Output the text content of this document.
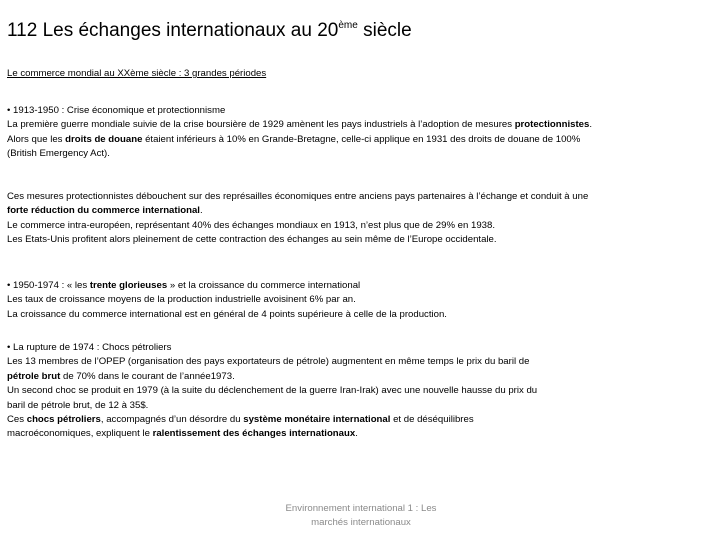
112 Les échanges internationaux au 20ème siècle
Le commerce mondial au XXème siècle : 3 grandes périodes

• 1913-1950 : Crise économique et protectionnisme

La première guerre mondiale suivie de la crise boursière de 1929 amènent les pays industriels à l’adoption de mesures protectionnistes.

Alors que les droits de douane étaient inférieurs à 10% en Grande-Bretagne, celle-ci applique en 1931 des droits de douane de 100%

(British Emergency Act).

Ces mesures protectionnistes débouchent sur des représailles économiques entre anciens pays partenaires à l’échange et conduit à une

forte réduction du commerce international.

Le commerce intra-européen, représentant 40% des échanges mondiaux en 1913, n’est plus que de 29% en 1938.

Les Etats-Unis profitent alors pleinement de cette contraction des échanges au sein même de l’Europe occidentale.

• 1950-1974 : « les trente glorieuses » et la croissance du commerce international

Les taux de croissance moyens de la production industrielle avoisinent 6% par an.

La croissance du commerce international est en général de 4 points supérieure à celle de la production.

• La rupture de 1974 : Chocs pétroliers

Les 13 membres de l’OPEP (organisation des pays exportateurs de pétrole) augmentent en même temps le prix du baril de

pétrole brut de 70% dans le courant de l’année1973.

Un second choc se produit en 1979 (à la suite du déclenchement de la guerre Iran-Irak) avec une nouvelle hausse du prix du

baril de pétrole brut, de 12 à 35$.

Ces chocs pétroliers, accompagnés d’un désordre du système monétaire international et de déséquilibres

macroéconomiques, expliquent le ralentissement des échanges internationaux.

Environnement international 1 : Les
marchés internationaux
